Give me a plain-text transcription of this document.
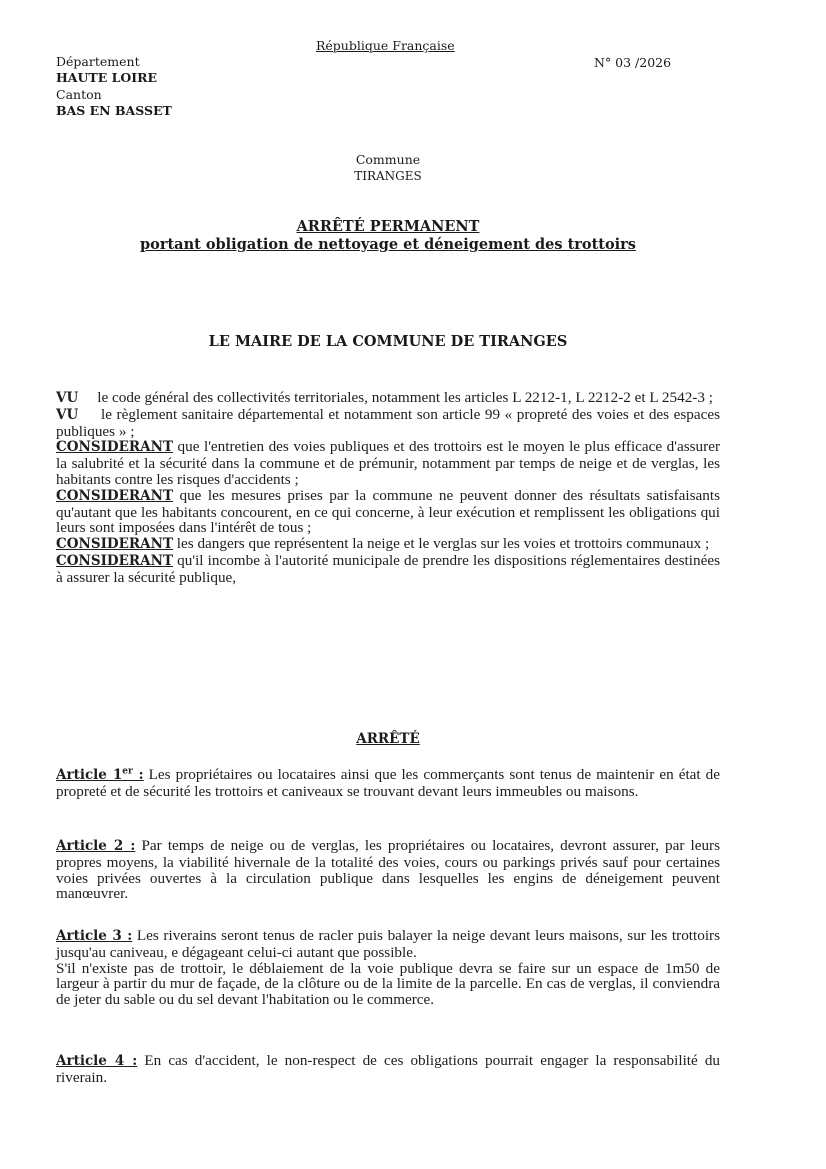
République Française
Département
HAUTE LOIRE
Canton
BAS EN BASSET
N° 03 /2026
Commune
TIRANGES
ARRÊTÉ PERMANENT
portant obligation de nettoyage et déneigement des trottoirs
LE MAIRE DE LA COMMUNE DE TIRANGES

VU le code général des collectivités territoriales, notamment les articles L 2212-1, L 2212-2 et L 2542-3 ;

VU le règlement sanitaire départemental et notamment son article 99 « propreté des voies et des espaces publiques » ;

CONSIDERANT que l'entretien des voies publiques et des trottoirs est le moyen le plus efficace d'assurer la salubrité et la sécurité dans la commune et de prémunir, notamment par temps de neige et de verglas, les habitants contre les risques d'accidents ;

CONSIDERANT que les mesures prises par la commune ne peuvent donner des résultats satisfaisants qu'autant que les habitants concourent, en ce qui concerne, à leur exécution et remplissent les obligations qui leurs sont imposées dans l'intérêt de tous ;

CONSIDERANT les dangers que représentent la neige et le verglas sur les voies et trottoirs communaux ;

CONSIDERANT qu'il incombe à l'autorité municipale de prendre les dispositions réglementaires destinées à assurer la sécurité publique,

ARRÊTÉ

Article 1er : Les propriétaires ou locataires ainsi que les commerçants sont tenus de maintenir en état de propreté et de sécurité les trottoirs et caniveaux se trouvant devant leurs immeubles ou maisons.

Article 2 : Par temps de neige ou de verglas, les propriétaires ou locataires, devront assurer, par leurs propres moyens, la viabilité hivernale de la totalité des voies, cours ou parkings privés sauf pour certaines voies privées ouvertes à la circulation publique dans lesquelles les engins de déneigement peuvent manœuvrer.

Article 3 : Les riverains seront tenus de racler puis balayer la neige devant leurs maisons, sur les trottoirs jusqu'au caniveau, e dégageant celui-ci autant que possible.

S'il n'existe pas de trottoir, le déblaiement de la voie publique devra se faire sur un espace de 1m50 de largeur à partir du mur de façade, de la clôture ou de la limite de la parcelle. En cas de verglas, il conviendra de jeter du sable ou du sel devant l'habitation ou le commerce.

Article 4 : En cas d'accident, le non-respect de ces obligations pourrait engager la responsabilité du riverain.
